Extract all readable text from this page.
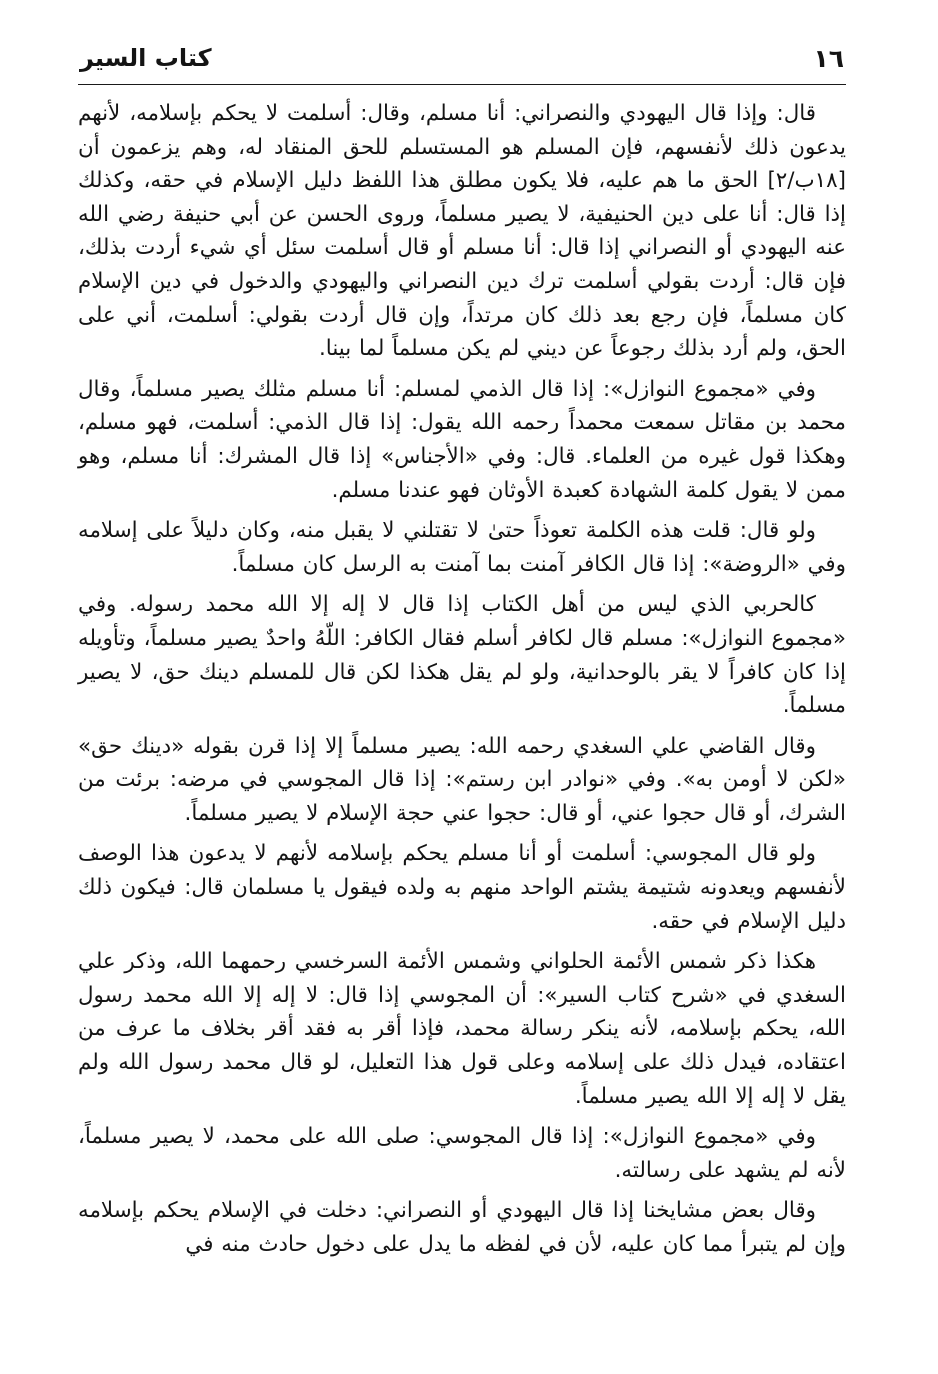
١٦
كتاب السير

قال: وإذا قال اليهودي والنصراني: أنا مسلم، وقال: أسلمت لا يحكم بإسلامه، لأنهم يدعون ذلك لأنفسهم، فإن المسلم هو المستسلم للحق المنقاد له، وهم يزعمون أن [١٨ب/٢] الحق ما هم عليه، فلا يكون مطلق هذا اللفظ دليل الإسلام في حقه، وكذلك إذا قال: أنا على دين الحنيفية، لا يصير مسلماً، وروى الحسن عن أبي حنيفة رضي الله عنه اليهودي أو النصراني إذا قال: أنا مسلم أو قال أسلمت سئل أي شيء أردت بذلك، فإن قال: أردت بقولي أسلمت ترك دين النصراني واليهودي والدخول في دين الإسلام كان مسلماً، فإن رجع بعد ذلك كان مرتداً، وإن قال أردت بقولي: أسلمت، أني على الحق، ولم أرد بذلك رجوعاً عن ديني لم يكن مسلماً لما بينا.

وفي «مجموع النوازل»: إذا قال الذمي لمسلم: أنا مسلم مثلك يصير مسلماً، وقال محمد بن مقاتل سمعت محمداً رحمه الله يقول: إذا قال الذمي: أسلمت، فهو مسلم، وهكذا قول غيره من العلماء. قال: وفي «الأجناس» إذا قال المشرك: أنا مسلم، وهو ممن لا يقول كلمة الشهادة كعبدة الأوثان فهو عندنا مسلم.

ولو قال: قلت هذه الكلمة تعوذاً حتىٰ لا تقتلني لا يقبل منه، وكان دليلاً على إسلامه وفي «الروضة»: إذا قال الكافر آمنت بما آمنت به الرسل كان مسلماً.

كالحربي الذي ليس من أهل الكتاب إذا قال لا إله إلا الله محمد رسوله. وفي «مجموع النوازل»: مسلم قال لكافر أسلم فقال الكافر: اللّهُ واحدٌ يصير مسلماً، وتأويله إذا كان كافراً لا يقر بالوحدانية، ولو لم يقل هكذا لكن قال للمسلم دينك حق، لا يصير مسلماً.

وقال القاضي علي السغدي رحمه الله: يصير مسلماً إلا إذا قرن بقوله «دينك حق» «لكن لا أومن به». وفي «نوادر ابن رستم»: إذا قال المجوسي في مرضه: برئت من الشرك، أو قال حجوا عني، أو قال: حجوا عني حجة الإسلام لا يصير مسلماً.

ولو قال المجوسي: أسلمت أو أنا مسلم يحكم بإسلامه لأنهم لا يدعون هذا الوصف لأنفسهم ويعدونه شتيمة يشتم الواحد منهم به ولده فيقول يا مسلمان قال: فيكون ذلك دليل الإسلام في حقه.

هكذا ذكر شمس الأئمة الحلواني وشمس الأئمة السرخسي رحمهما الله، وذكر علي السغدي في «شرح كتاب السير»: أن المجوسي إذا قال: لا إله إلا الله محمد رسول الله، يحكم بإسلامه، لأنه ينكر رسالة محمد، فإذا أقر به فقد أقر بخلاف ما عرف من اعتقاده، فيدل ذلك على إسلامه وعلى قول هذا التعليل، لو قال محمد رسول الله ولم يقل لا إله إلا الله يصير مسلماً.

وفي «مجموع النوازل»: إذا قال المجوسي: صلى الله على محمد، لا يصير مسلماً، لأنه لم يشهد على رسالته.

وقال بعض مشايخنا إذا قال اليهودي أو النصراني: دخلت في الإسلام يحكم بإسلامه وإن لم يتبرأ مما كان عليه، لأن في لفظه ما يدل على دخول حادث منه في
